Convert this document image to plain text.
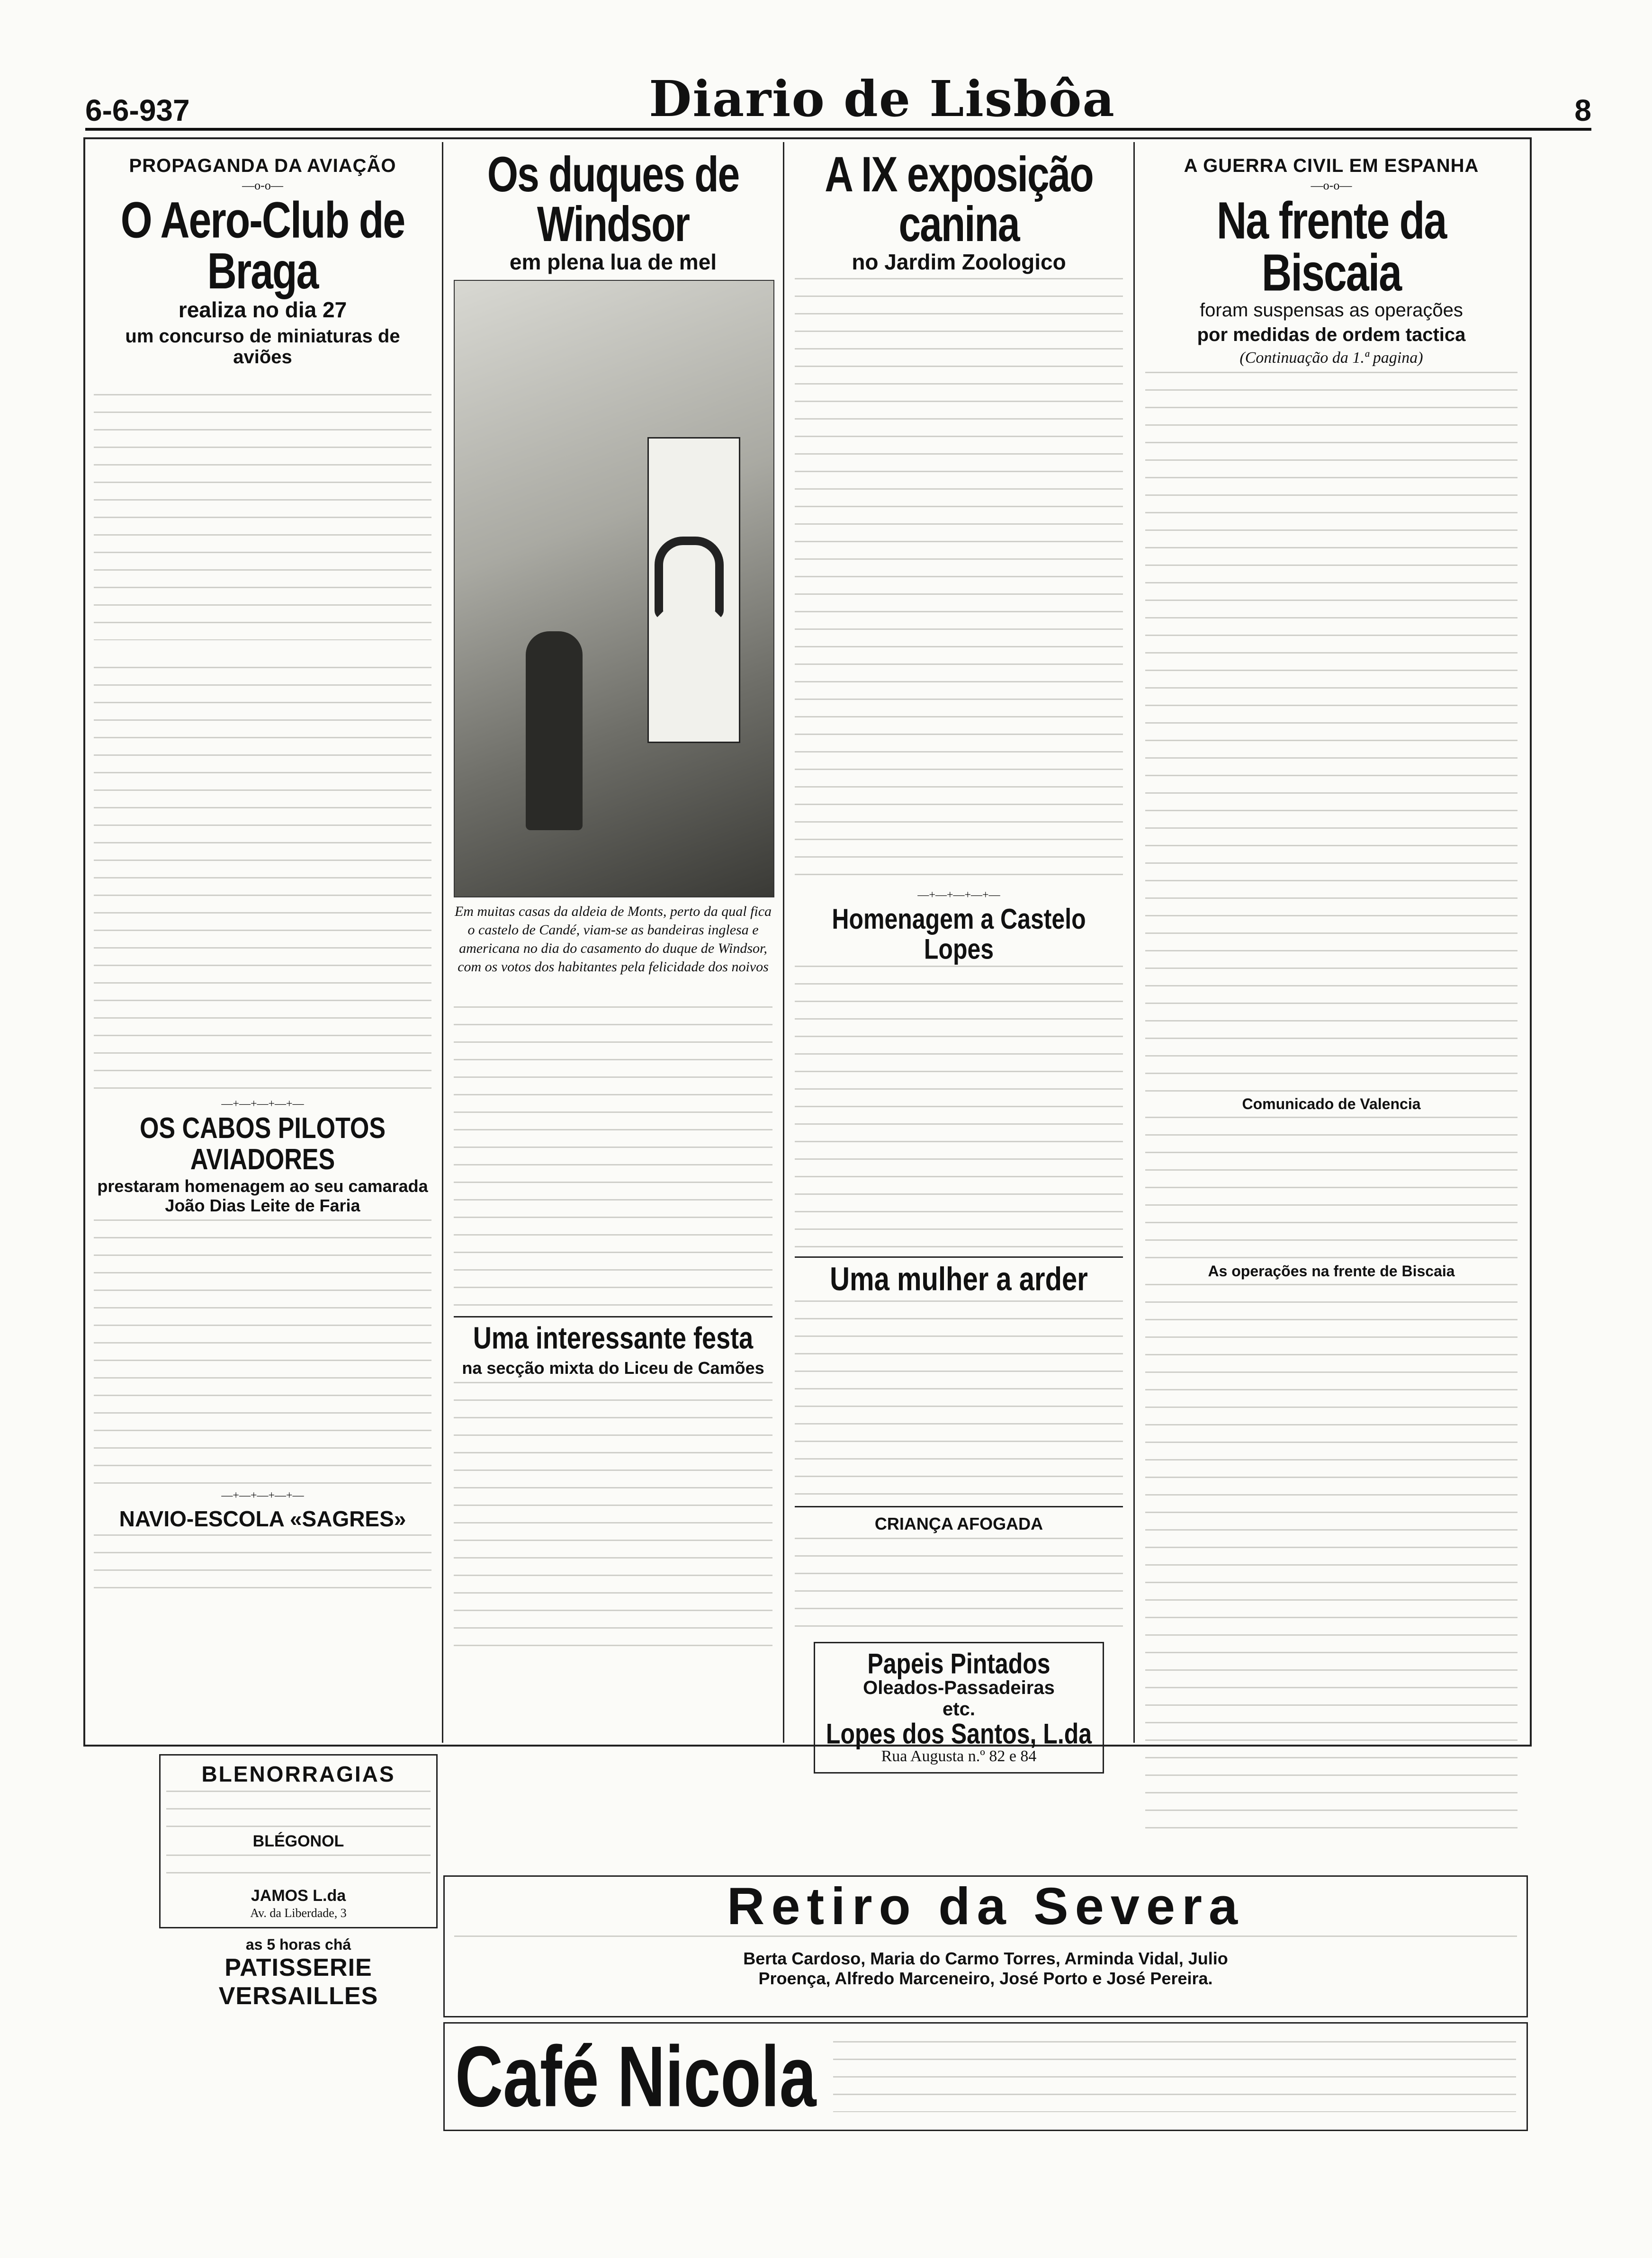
6-6-937	Diario de Lisbôa	8
PROPAGANDA DA AVIAÇÃO
—o-o—
O Aero-Club de Braga
realiza no dia 27
um concurso de miniaturas de aviões

—+—+—+—+—
OS CABOS PILOTOS AVIADORES
prestaram homenagem ao seu camarada João Dias Leite de Faria
—+—+—+—+—
NAVIO-ESCOLA «SAGRES»
Os duques de Windsor
em plena lua de mel
Em muitas casas da aldeia de Monts, perto da qual fica o castelo de Candé, viam-se as bandeiras inglesa e americana no dia do casamento do duque de Windsor, com os votos dos habitantes pela felicidade dos noivos

Uma interessante festa
na secção mixta do Liceu de Camões
A IX exposição canina
no Jardim Zoologico
—+—+—+—+—
Homenagem a Castelo Lopes
Uma mulher a arder
CRIANÇA AFOGADA
Papeis Pintados
Oleados-Passadeiras
etc.
Lopes dos Santos, L.da
Rua Augusta n.º 82 e 84
A GUERRA CIVIL EM ESPANHA
—o-o—
Na frente da Biscaia
foram suspensas as operações
por medidas de ordem tactica
(Continuação da 1.ª pagina)
Comunicado de Valencia
As operações na frente de Biscaia
BLENORRAGIAS
BLÉGONOL
JAMOS L.da
Av. da Liberdade, 3
as 5 horas chá
PATISSERIE VERSAILLES
Retiro da Severa
Berta Cardoso, Maria do Carmo Torres, Arminda Vidal, Julio
Proença, Alfredo Marceneiro, José Porto e José Pereira.
Café Nicola
